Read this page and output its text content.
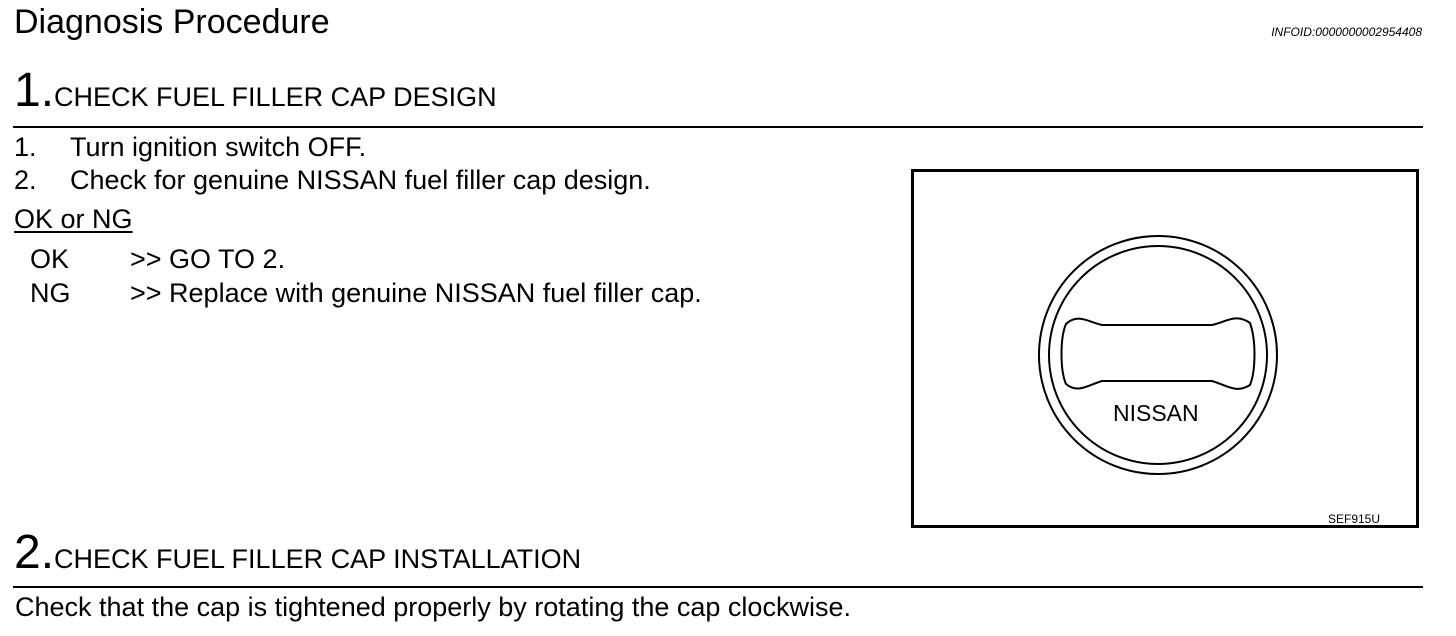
Diagnosis Procedure	INFOID:0000000002954408
1.CHECK FUEL FILLER CAP DESIGN
1. Turn ignition switch OFF.
2. Check for genuine NISSAN fuel filler cap design.
OK or NG
OK >> GO TO 2.
NG >> Replace with genuine NISSAN fuel filler cap.
NISSAN
SEF915U
2.CHECK FUEL FILLER CAP INSTALLATION
Check that the cap is tightened properly by rotating the cap clockwise.
